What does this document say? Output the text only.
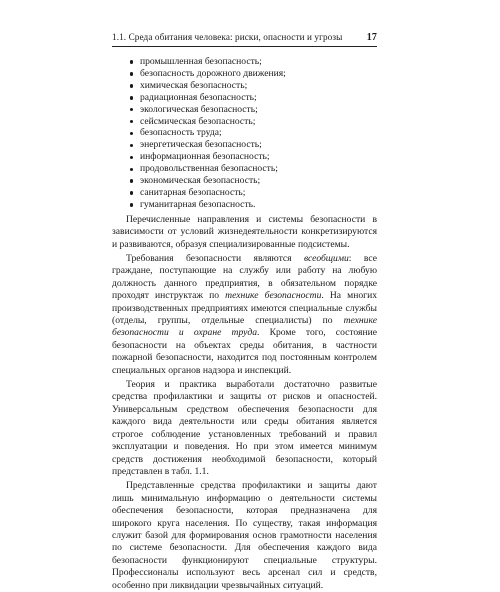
1.1. Среда обитания человека: риски, опасности и угрозы 17
промышленная безопасность;
безопасность дорожного движения;
химическая безопасность;
радиационная безопасность;
экологическая безопасность;
сейсмическая безопасность;
безопасность труда;
энергетическая безопасность;
информационная безопасность;
продовольственная безопасность;
экономическая безопасность;
санитарная безопасность;
гуманитарная безопасность.

Перечисленные направления и системы безопасности в зависимости от условий жизнедеятельности конкретизируются и развиваются, образуя специализированные подсистемы.

Требования безопасности являются всеобщими: все граждане, поступающие на службу или работу на любую должность данного предприятия, в обязательном порядке проходят инструктаж по технике безопасности. На многих производственных предприятиях имеются специальные службы (отделы, группы, отдельные специалисты) по технике безопасности и охране труда. Кроме того, состояние безопасности на объектах среды обитания, в частности пожарной безопасности, находится под постоянным контролем специальных органов надзора и инспекций.

Теория и практика выработали достаточно развитые средства профилактики и защиты от рисков и опасностей. Универсальным средством обеспечения безопасности для каждого вида деятельности или среды обитания является строгое соблюдение установленных требований и правил эксплуатации и поведения. Но при этом имеется минимум средств достижения необходимой безопасности, который представлен в табл. 1.1.

Представленные средства профилактики и защиты дают лишь минимальную информацию о деятельности системы обеспечения безопасности, которая предназначена для широкого круга населения. По существу, такая информация служит базой для формирования основ грамотности населения по системе безопасности. Для обеспечения каждого вида безопасности функционируют специальные структуры. Профессионалы используют весь арсенал сил и средств, особенно при ликвидации чрезвычайных ситуаций.
